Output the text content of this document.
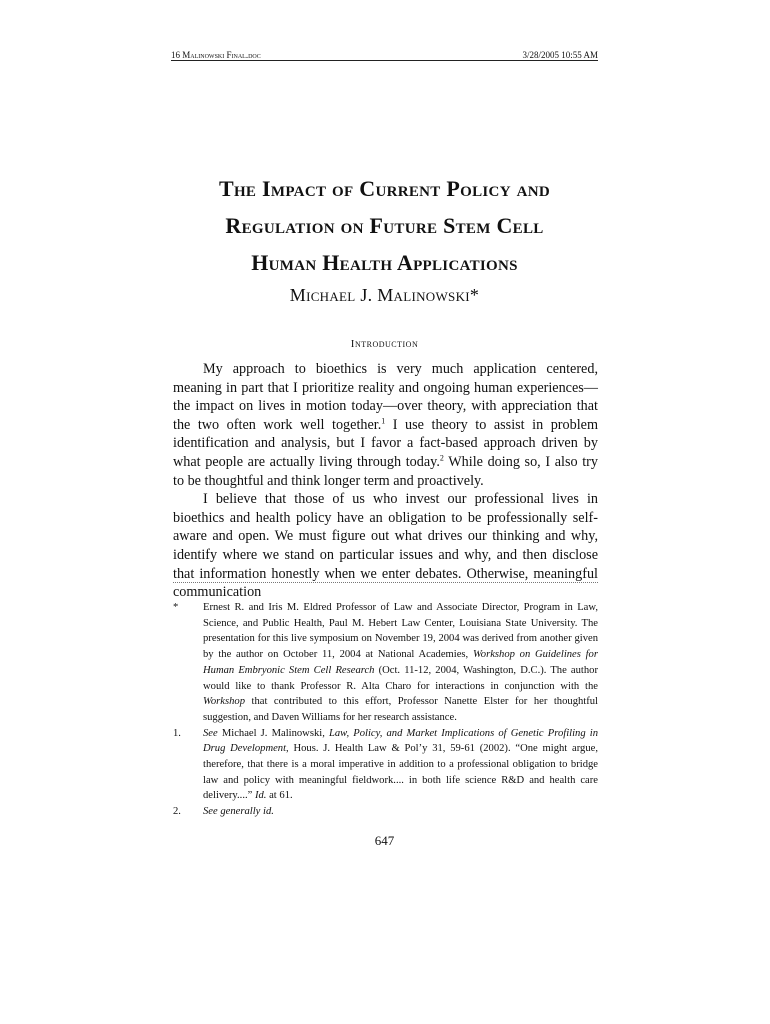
16 Malinowski Final.doc	3/28/2005 10:55 AM
The Impact of Current Policy and
Regulation on Future Stem Cell
Human Health Applications
Michael J. Malinowski*
Introduction

My approach to bioethics is very much application centered, meaning in part that I prioritize reality and ongoing human experiences—the impact on lives in motion today—over theory, with appreciation that the two often work well together.$^1$ I use theory to assist in problem identification and analysis, but I favor a fact-based approach driven by what people are actually living through today.$^2$ While doing so, I also try to be thoughtful and think longer term and proactively.

I believe that those of us who invest our professional lives in bioethics and health policy have an obligation to be professionally self-aware and open. We must figure out what drives our thinking and why, identify where we stand on particular issues and why, and then disclose that information honestly when we enter debates. Otherwise, meaningful communication

*	Ernest R. and Iris M. Eldred Professor of Law and Associate Director, Program in Law, Science, and Public Health, Paul M. Hebert Law Center, Louisiana State University. The presentation for this live symposium on November 19, 2004 was derived from another given by the author on October 11, 2004 at National Academies, Workshop on Guidelines for Human Embryonic Stem Cell Research (Oct. 11-12, 2004, Washington, D.C.). The author would like to thank Professor R. Alta Charo for interactions in conjunction with the Workshop that contributed to this effort, Professor Nanette Elster for her thoughtful suggestion, and Daven Williams for her research assistance.
1.	See Michael J. Malinowski, Law, Policy, and Market Implications of Genetic Profiling in Drug Development, Hous. J. Health Law & Pol’y 31, 59-61 (2002). “One might argue, therefore, that there is a moral imperative in addition to a professional obligation to bridge law and policy with meaningful fieldwork.... in both life science R&D and health care delivery....” Id. at 61.
2.	See generally id.
647
